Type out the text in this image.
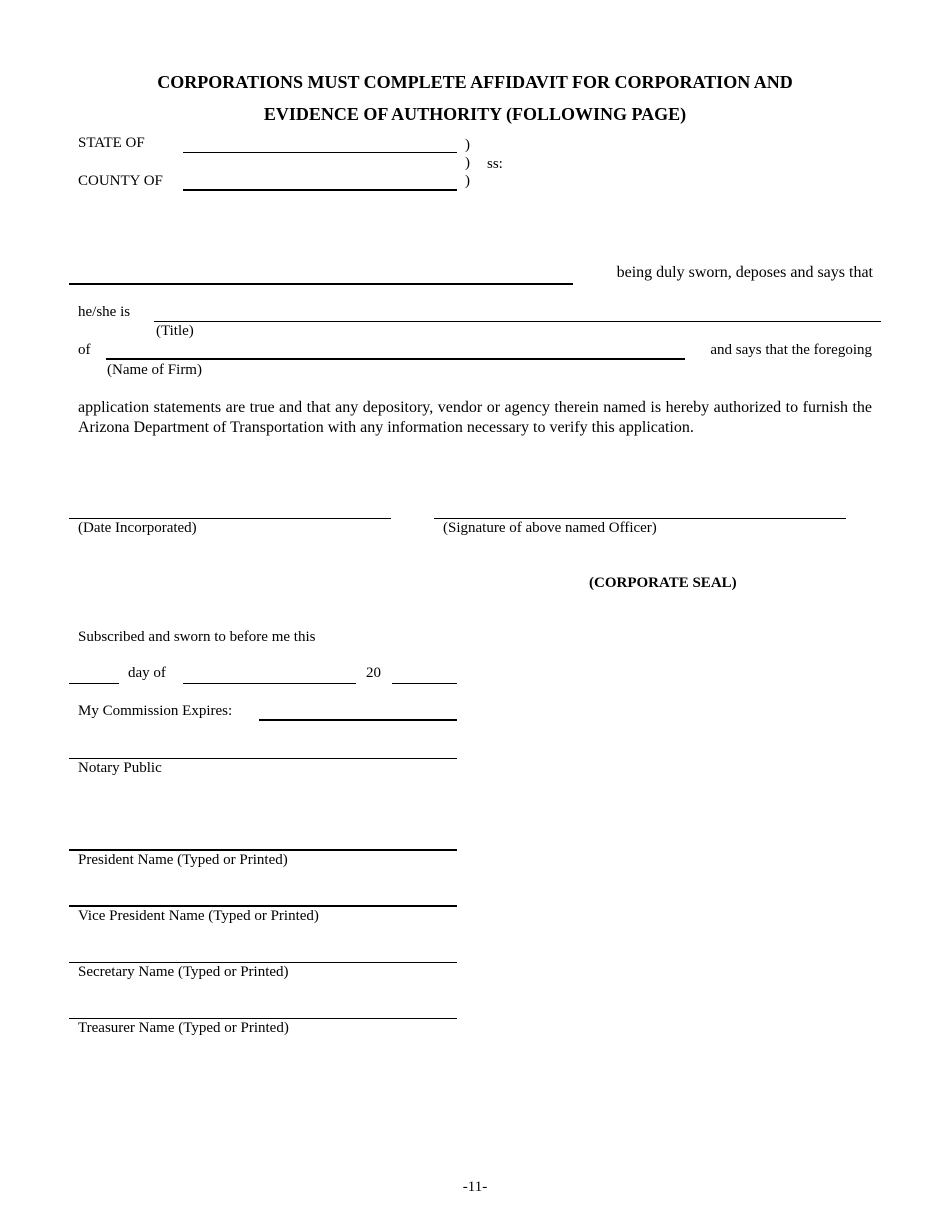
CORPORATIONS MUST COMPLETE AFFIDAVIT FOR CORPORATION AND
EVIDENCE OF AUTHORITY (FOLLOWING PAGE)
STATE OF	)
) ss:
)
COUNTY OF
being duly sworn, deposes and says that
he/she is
(Title)
of	and says that the foregoing
(Name of Firm)
application statements are true and that any depository, vendor or agency therein named is hereby authorized to furnish the Arizona Department of Transportation with any information necessary to verify this application.
(Date Incorporated)	(Signature of above named Officer)
(CORPORATE SEAL)
Subscribed and sworn to before me this
day of	20
My Commission Expires:
Notary Public
President Name (Typed or Printed)
Vice President Name (Typed or Printed)
Secretary Name (Typed or Printed)
Treasurer Name (Typed or Printed)
-11-
